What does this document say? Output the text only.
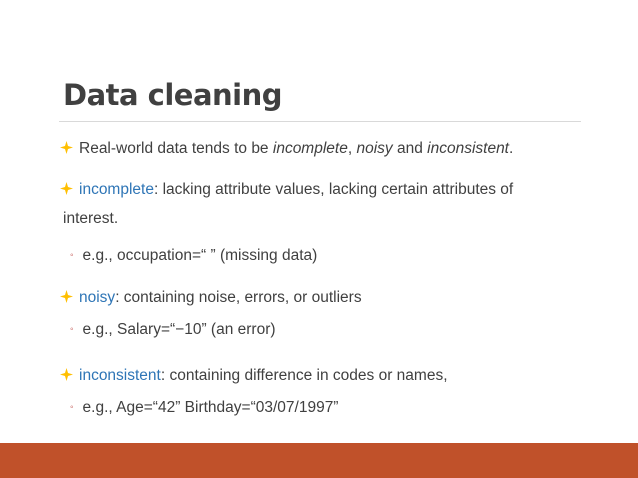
Data cleaning
Real-world data tends to be incomplete, noisy and inconsistent.
incomplete: lacking attribute values, lacking certain attributes of
interest.
◦ e.g., occupation=“ ” (missing data)
noisy: containing noise, errors, or outliers
◦ e.g., Salary=“−10” (an error)
inconsistent: containing difference in codes or names,
◦ e.g., Age=“42” Birthday=“03/07/1997”
